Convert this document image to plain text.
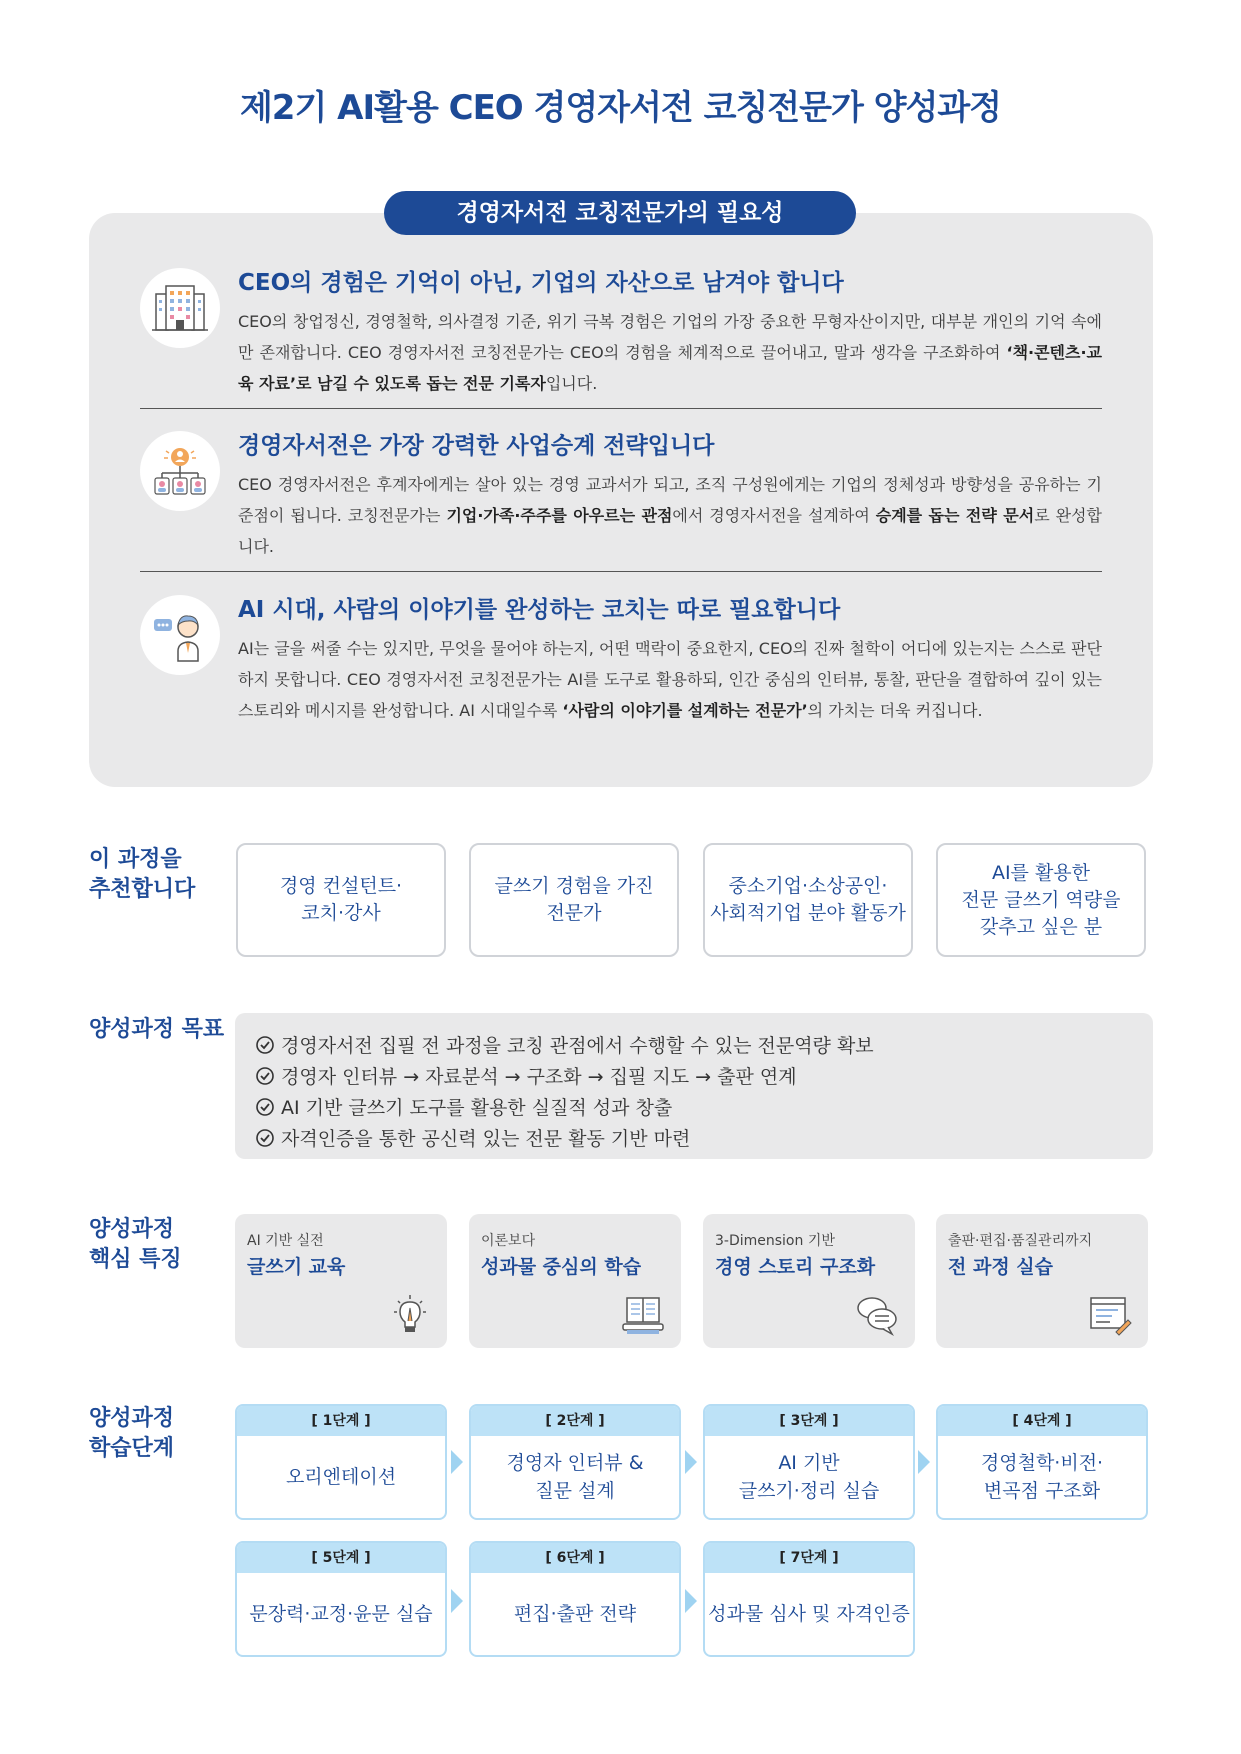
제2기 AI활용 CEO 경영자서전 코칭전문가 양성과정
경영자서전 코칭전문가의 필요성
CEO의 경험은 기억이 아닌, 기업의 자산으로 남겨야 합니다

CEO의 창업정신, 경영철학, 의사결정 기준, 위기 극복 경험은 기업의 가장 중요한 무형자산이지만, 대부분 개인의 기억 속에만 존재합니다. CEO 경영자서전 코칭전문가는 CEO의 경험을 체계적으로 끌어내고, 말과 생각을 구조화하여 ‘책·콘텐츠·교육 자료’로 남길 수 있도록 돕는 전문 기록자입니다.

경영자서전은 가장 강력한 사업승계 전략입니다

CEO 경영자서전은 후계자에게는 살아 있는 경영 교과서가 되고, 조직 구성원에게는 기업의 정체성과 방향성을 공유하는 기준점이 됩니다. 코칭전문가는 기업·가족·주주를 아우르는 관점에서 경영자서전을 설계하여 승계를 돕는 전략 문서로 완성합니다.

AI 시대, 사람의 이야기를 완성하는 코치는 따로 필요합니다

AI는 글을 써줄 수는 있지만, 무엇을 물어야 하는지, 어떤 맥락이 중요한지, CEO의 진짜 철학이 어디에 있는지는 스스로 판단하지 못합니다. CEO 경영자서전 코칭전문가는 AI를 도구로 활용하되, 인간 중심의 인터뷰, 통찰, 판단을 결합하여 깊이 있는 스토리와 메시지를 완성합니다. AI 시대일수록 ‘사람의 이야기를 설계하는 전문가’의 가치는 더욱 커집니다.

이 과정을
추천합니다	경영 컨설턴트·
코치·강사
글쓰기 경험을 가진
전문가
중소기업·소상공인·
사회적기업 분야 활동가
AI를 활용한
전문 글쓰기 역량을
갖추고 싶은 분
양성과정 목표
경영자서전 집필 전 과정을 코칭 관점에서 수행할 수 있는 전문역량 확보
경영자 인터뷰 → 자료분석 → 구조화 → 집필 지도 → 출판 연계
AI 기반 글쓰기 도구를 활용한 실질적 성과 창출
자격인증을 통한 공신력 있는 전문 활동 기반 마련
양성과정
핵심 특징
AI 기반 실전
글쓰기 교육
이론보다
성과물 중심의 학습
3-Dimension 기반
경영 스토리 구조화
출판·편집·품질관리까지
전 과정 실습
양성과정
학습단계
[ 1단계 ]
오리엔테이션
[ 2단계 ]
경영자 인터뷰 &
질문 설계
[ 3단계 ]
AI 기반
글쓰기·정리 실습
[ 4단계 ]
경영철학·비전·
변곡점 구조화
[ 5단계 ]
문장력·교정·윤문 실습
[ 6단계 ]
편집·출판 전략
[ 7단계 ]
성과물 심사 및 자격인증
